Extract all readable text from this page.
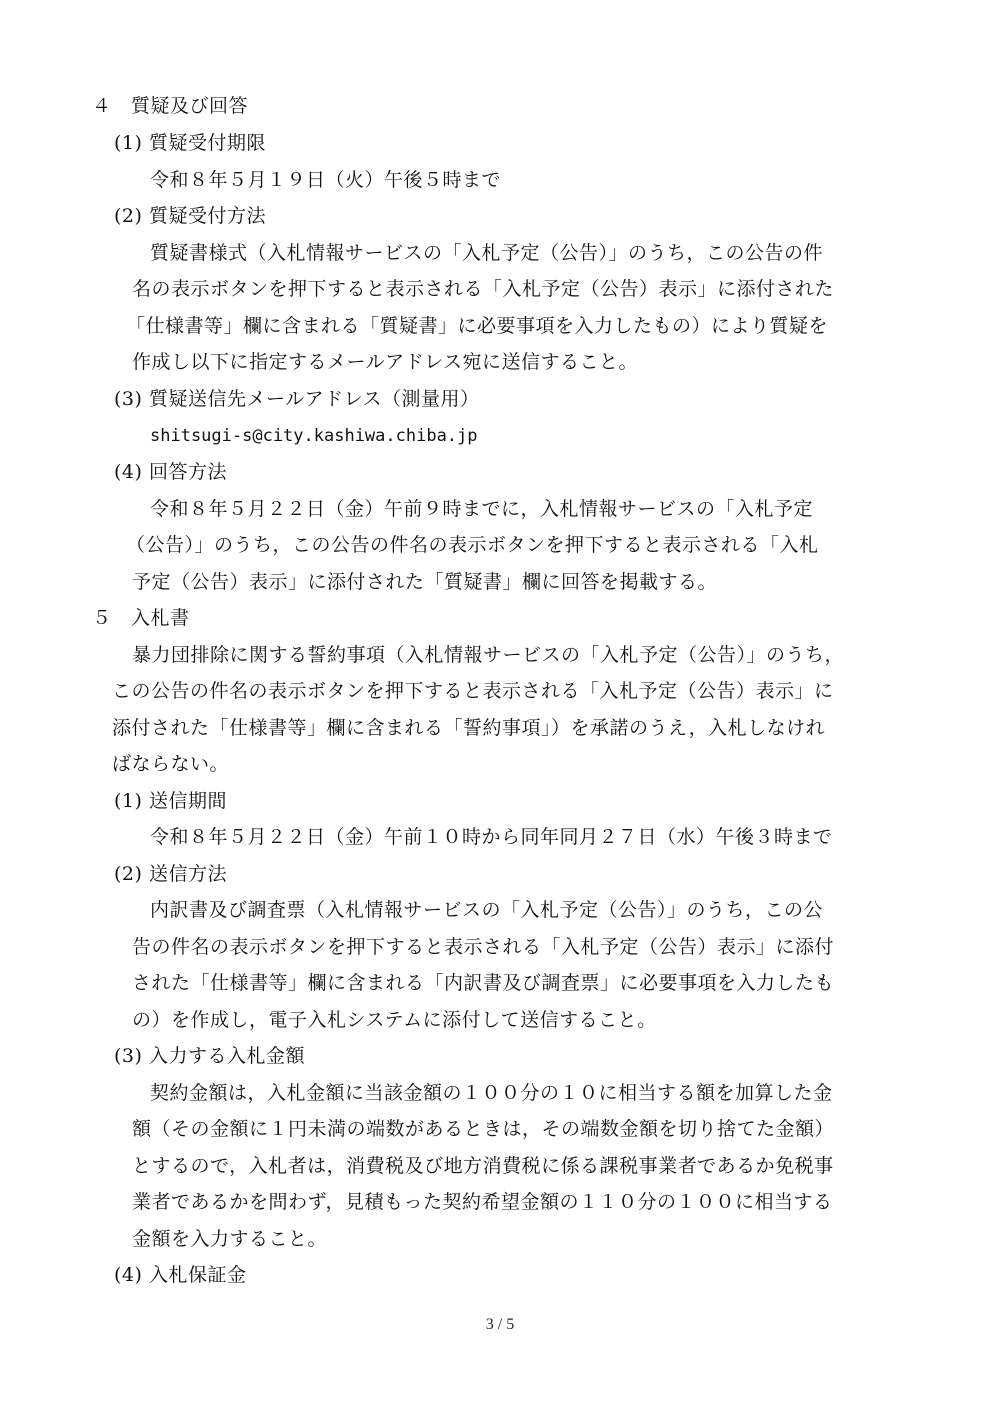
４　質疑及び回答
(1) 質疑受付期限
令和８年５月１９日（火）午後５時まで
(2) 質疑受付方法
質疑書様式（入札情報サービスの「入札予定（公告）」のうち，この公告の件
名の表示ボタンを押下すると表示される「入札予定（公告）表示」に添付された
「仕様書等」欄に含まれる「質疑書」に必要事項を入力したもの）により質疑を
作成し以下に指定するメールアドレス宛に送信すること。
(3) 質疑送信先メールアドレス（測量用）
shitsugi-s@city.kashiwa.chiba.jp
(4) 回答方法
令和８年５月２２日（金）午前９時までに，入札情報サービスの「入札予定
（公告）」のうち，この公告の件名の表示ボタンを押下すると表示される「入札
予定（公告）表示」に添付された「質疑書」欄に回答を掲載する。
５　入札書
暴力団排除に関する誓約事項（入札情報サービスの「入札予定（公告）」のうち，
この公告の件名の表示ボタンを押下すると表示される「入札予定（公告）表示」に
添付された「仕様書等」欄に含まれる「誓約事項」）を承諾のうえ，入札しなけれ
ばならない。
(1) 送信期間
令和８年５月２２日（金）午前１０時から同年同月２７日（水）午後３時まで
(2) 送信方法
内訳書及び調査票（入札情報サービスの「入札予定（公告）」のうち，この公
告の件名の表示ボタンを押下すると表示される「入札予定（公告）表示」に添付
された「仕様書等」欄に含まれる「内訳書及び調査票」に必要事項を入力したも
の）を作成し，電子入札システムに添付して送信すること。
(3) 入力する入札金額
契約金額は，入札金額に当該金額の１００分の１０に相当する額を加算した金
額（その金額に１円未満の端数があるときは，その端数金額を切り捨てた金額）
とするので，入札者は，消費税及び地方消費税に係る課税事業者であるか免税事
業者であるかを問わず，見積もった契約希望金額の１１０分の１００に相当する
金額を入力すること。
(4) 入札保証金
3 / 5
